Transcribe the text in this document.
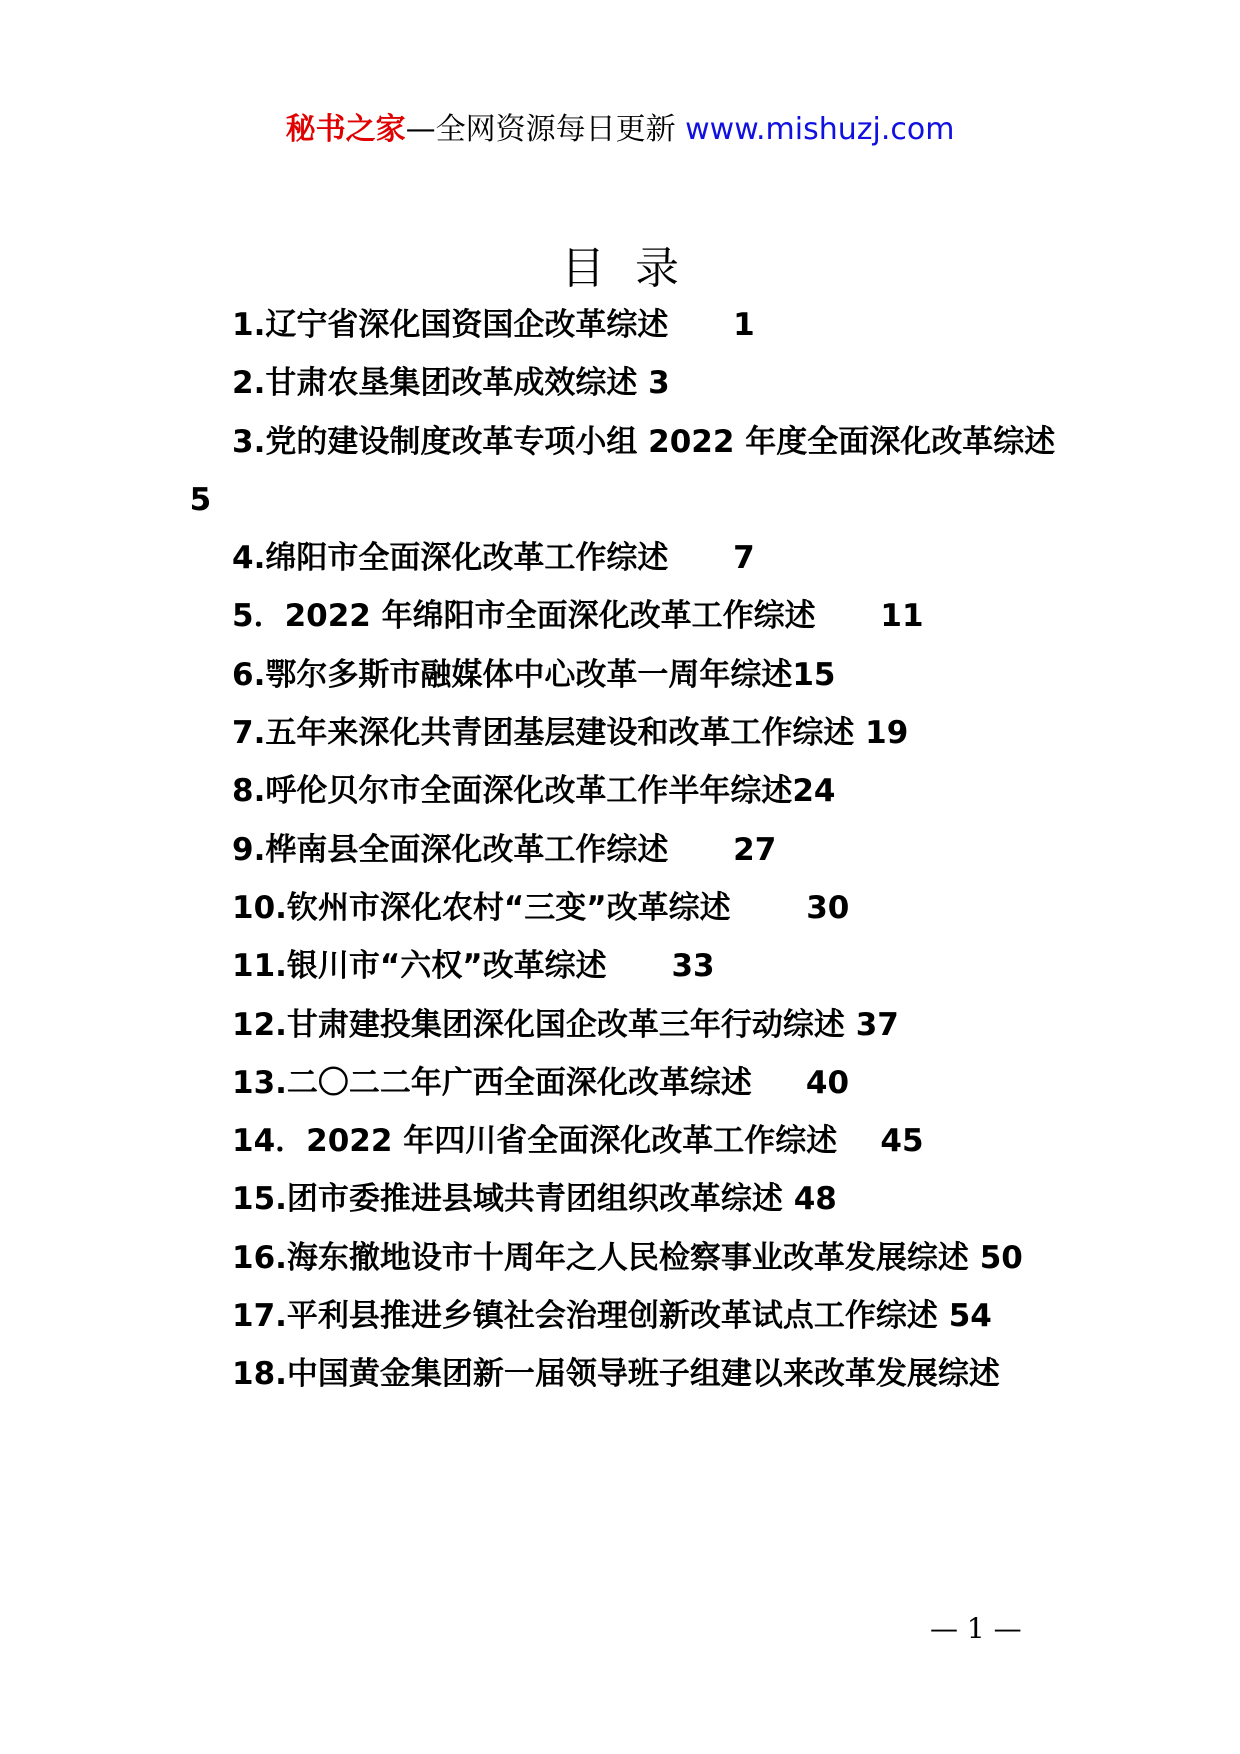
秘书之家—全网资源每日更新 www.mishuzj.com
目录
1.辽宁省深化国资国企改革综述 1
2.甘肃农垦集团改革成效综述 3
3.党的建设制度改革专项小组 2022 年度全面深化改革综述  5
4.绵阳市全面深化改革工作综述 7
5．2022 年绵阳市全面深化改革工作综述 11
6.鄂尔多斯市融媒体中心改革一周年综述15
7.五年来深化共青团基层建设和改革工作综述 19
8.呼伦贝尔市全面深化改革工作半年综述24
9.桦南县全面深化改革工作综述 27
10.钦州市深化农村“三变”改革综述 30
11.银川市“六权”改革综述 33
12.甘肃建投集团深化国企改革三年行动综述 37
13.二〇二二年广西全面深化改革综述 40
14．2022 年四川省全面深化改革工作综述 45
15.团市委推进县域共青团组织改革综述 48
16.海东撤地设市十周年之人民检察事业改革发展综述 50
17.平利县推进乡镇社会治理创新改革试点工作综述 54
18.中国黄金集团新一届领导班子组建以来改革发展综述
— 1 —
